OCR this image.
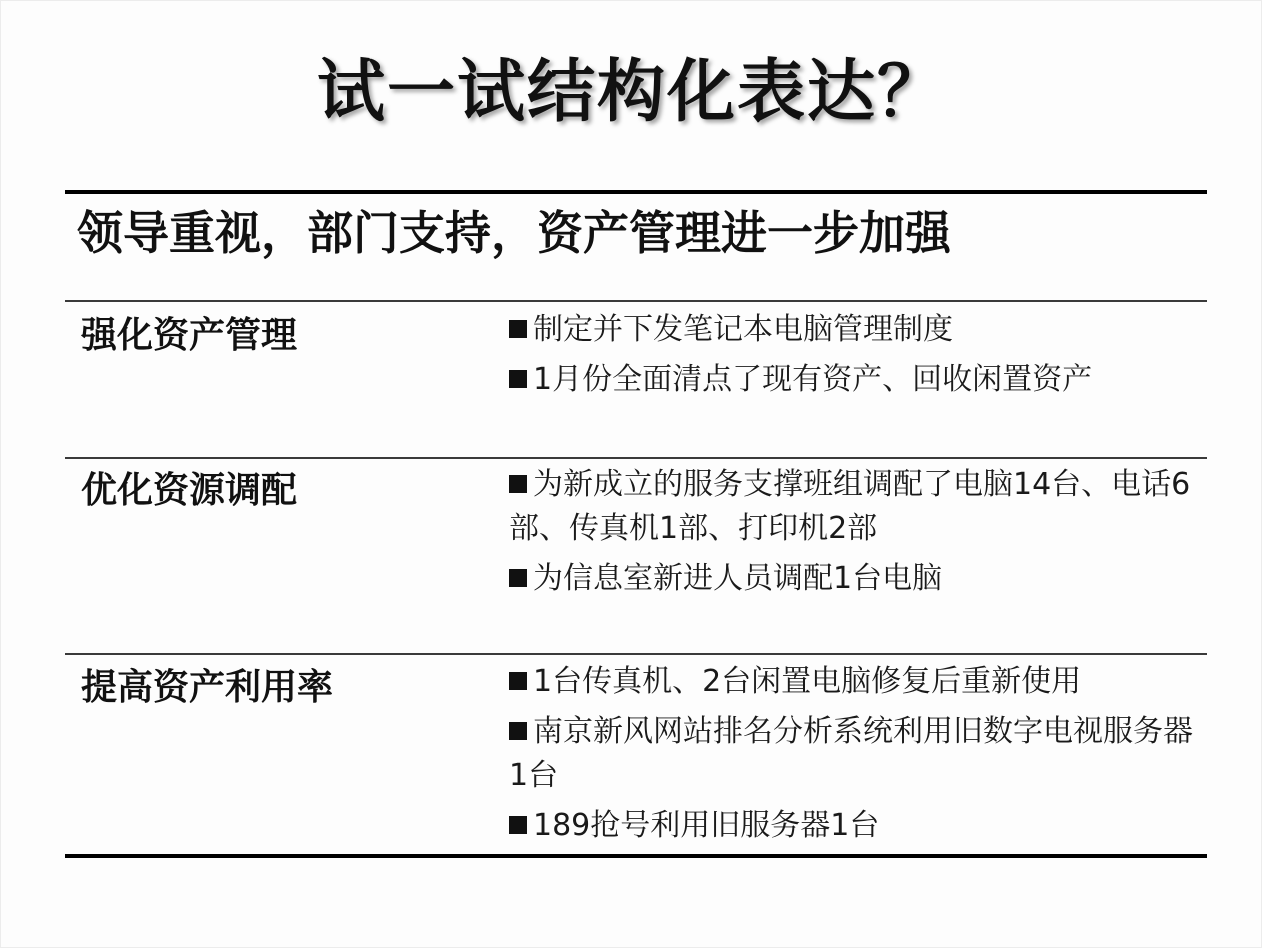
试一试结构化表达？
领导重视，部门支持，资产管理进一步加强
强化资产管理	制定并下发笔记本电脑管理制度
1月份全面清点了现有资产、回收闲置资产
优化资源调配	为新成立的服务支撑班组调配了电脑14台、电话6部、传真机1部、打印机2部
为信息室新进人员调配1台电脑
提高资产利用率	1台传真机、2台闲置电脑修复后重新使用
南京新风网站排名分析系统利用旧数字电视服务器1台
189抢号利用旧服务器1台
